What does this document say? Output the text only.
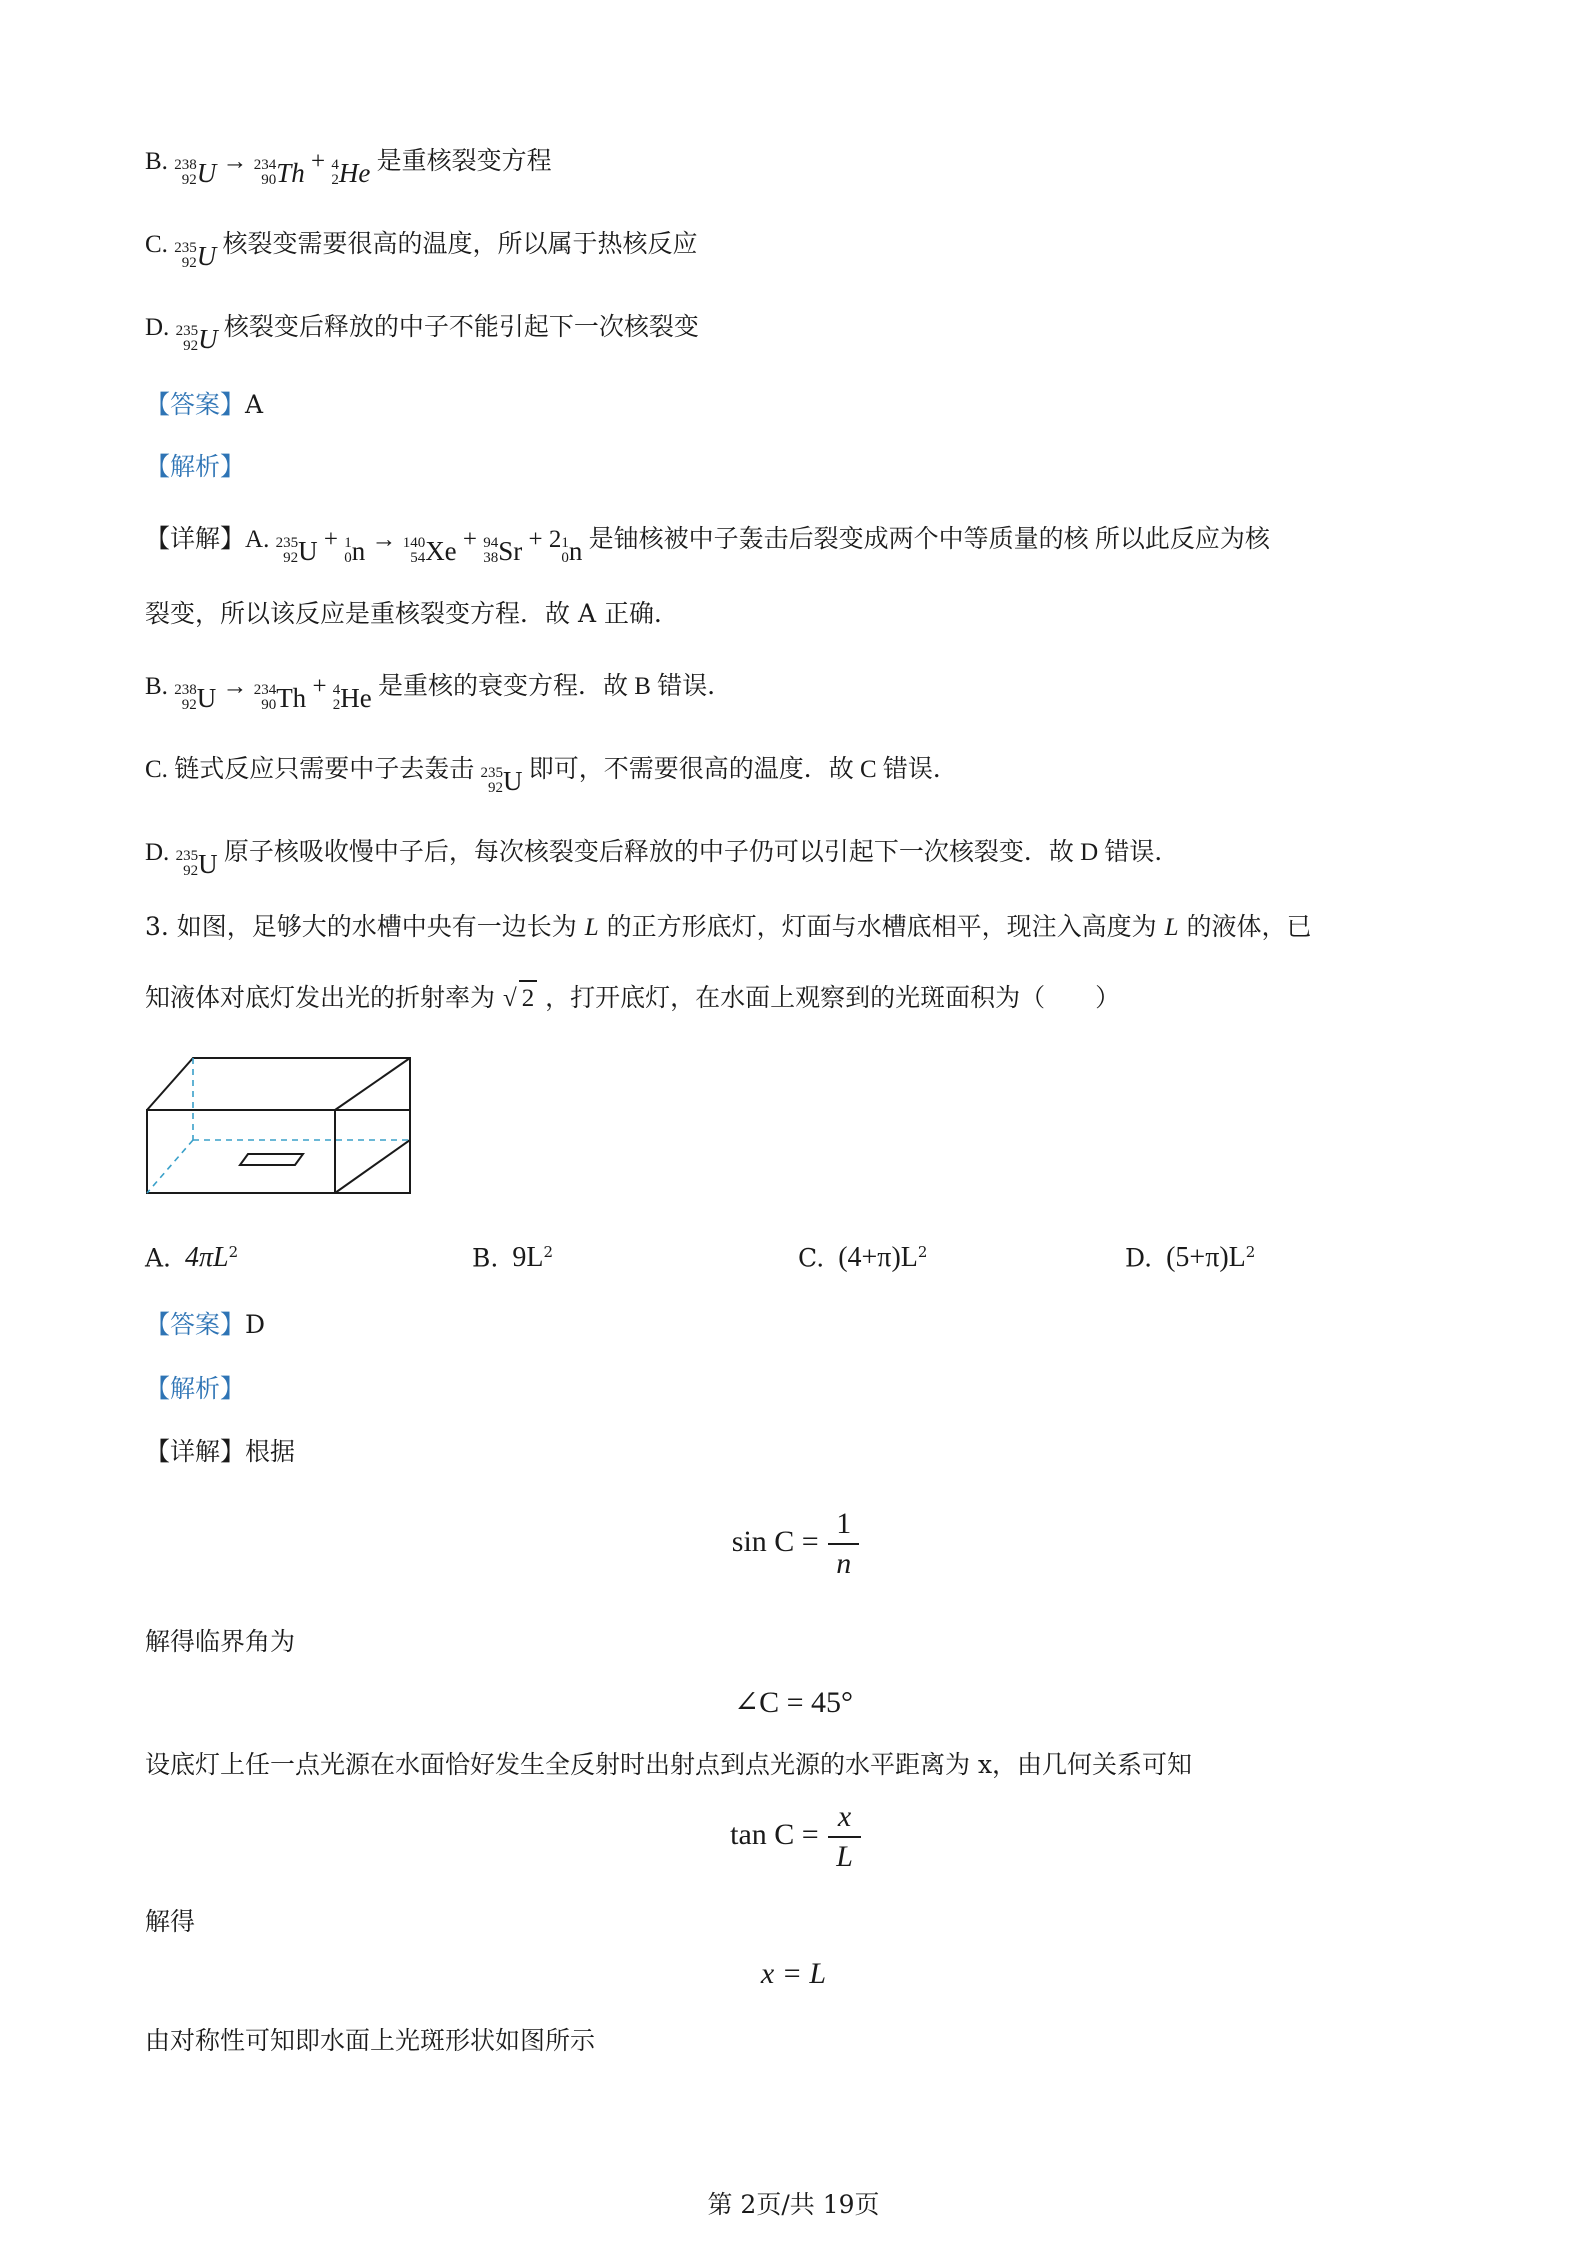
B. 238
92 U → 234
90 Th + 4
2 He 是重核裂变方程
C. 235
92 U 核裂变需要很高的温度，所以属于热核反应
D. 235
92 U 核裂变后释放的中子不能引起下一次核裂变
【答案】A
【解析】
【详解】A. 235
92 U + 1
0 n → 140
54 Xe + 94
38 Sr + 2 1
0 n 是铀核被中子轰击后裂变成两个中等质量的核 所以此反应为核
裂变，所以该反应是重核裂变方程．故 A 正确．
B. 238
92 U → 234
90 Th + 4
2 He 是重核的衰变方程．故 B 错误．
C. 链式反应只需要中子去轰击 235
92 U 即可，不需要很高的温度．故 C 错误．
D. 235
92 U 原子核吸收慢中子后，每次核裂变后释放的中子仍可以引起下一次核裂变．故 D 错误．
3. 如图，足够大的水槽中央有一边长为 L 的正方形底灯，灯面与水槽底相平，现注入高度为 L 的液体，已
知液体对底灯发出光的折射率为 √ 2 ，打开底灯，在水面上观察到的光斑面积为（　　）
A. $4\pi L^2$	B. $9L^2$	C. $(4+\pi)L^2$	D. $(5+\pi)L^2$
【答案】D
【解析】
【详解】根据
$\sin C = \frac{1}{n}$
解得临界角为
∠C = 45°
设底灯上任一点光源在水面恰好发生全反射时出射点到点光源的水平距离为 x，由几何关系可知
$\tan C = \frac{x}{L}$
解得
x = L
由对称性可知即水面上光斑形状如图所示
第 2页/共 19页
